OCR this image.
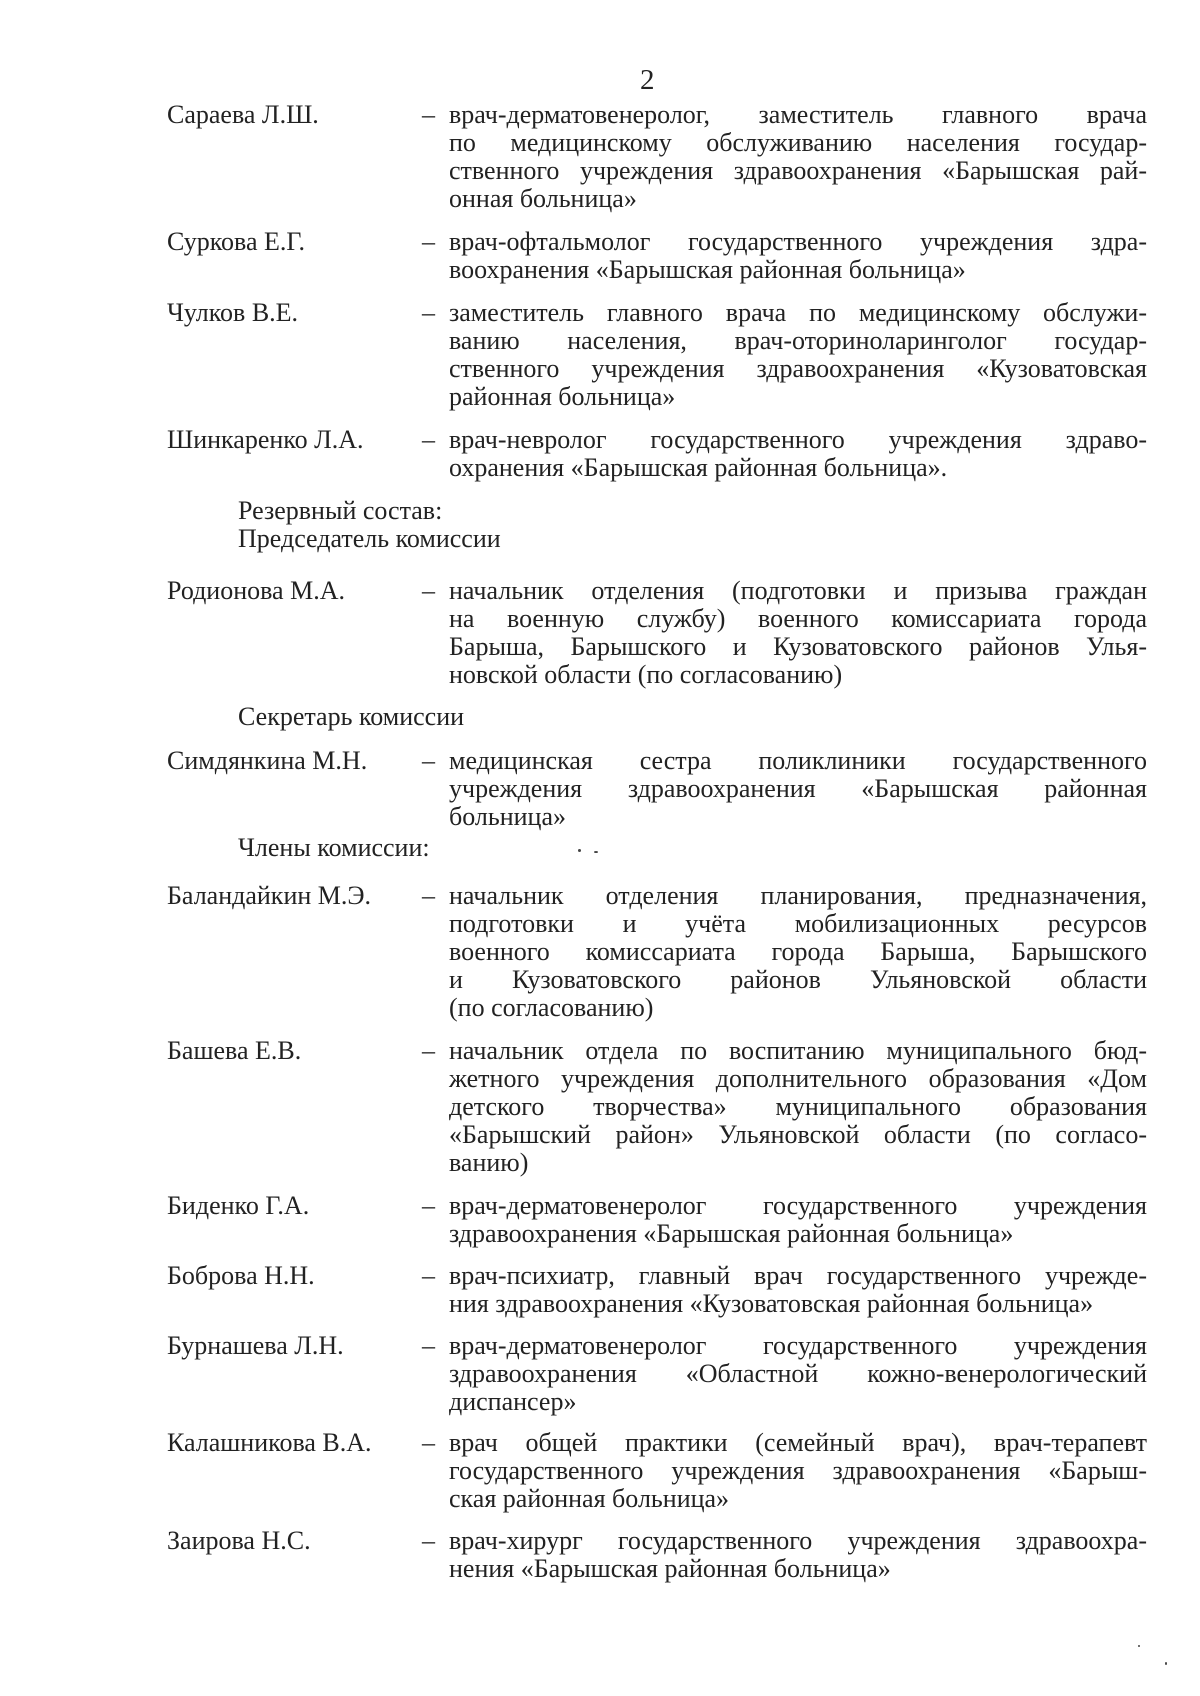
2
Сараева Л.Ш.	– врач-дерматовенеролог, заместитель главного врача
по медицинскому обслуживанию населения государ-
ственного учреждения здравоохранения «Барышская рай-
онная больница»
Суркова Е.Г.	– врач-офтальмолог государственного учреждения здра-
воохранения «Барышская районная больница»
Чулков В.Е.	– заместитель главного врача по медицинскому обслужи-
ванию населения, врач-оториноларинголог государ-
ственного учреждения здравоохранения «Кузоватовская
районная больница»
Шинкаренко Л.А. – врач-невролог государственного учреждения здраво-
охранения «Барышская районная больница».
Резервный состав:
Председатель комиссии
Родионова М.А.	– начальник отделения (подготовки и призыва граждан
на военную службу) военного комиссариата города
Барыша, Барышского и Кузоватовского районов Улья-
новской области (по согласованию)
Секретарь комиссии
Симдянкина М.Н. – медицинская сестра поликлиники государственного
учреждения здравоохранения «Барышская районная
больница»
Члены комиссии:
Баландайкин М.Э. – начальник отделения планирования, предназначения,
подготовки и учёта мобилизационных ресурсов
военного комиссариата города Барыша, Барышского
и Кузоватовского районов Ульяновской области
(по согласованию)
Башева Е.В.	– начальник отдела по воспитанию муниципального бюд-
жетного учреждения дополнительного образования «Дом
детского творчества» муниципального образования
«Барышский район» Ульяновской области (по согласо-
ванию)
Биденко Г.А.	– врач-дерматовенеролог государственного учреждения
здравоохранения «Барышская районная больница»
Боброва Н.Н.	– врач-психиатр, главный врач государственного учрежде-
ния здравоохранения «Кузоватовская районная больница»
Бурнашева Л.Н.	– врач-дерматовенеролог государственного учреждения
здравоохранения «Областной кожно-венерологический
диспансер»
Калашникова В.А. – врач общей практики (семейный врач), врач-терапевт
государственного учреждения здравоохранения «Барыш-
ская районная больница»
Заирова Н.С.	– врач-хирург государственного учреждения здравоохра-
нения «Барышская районная больница»
